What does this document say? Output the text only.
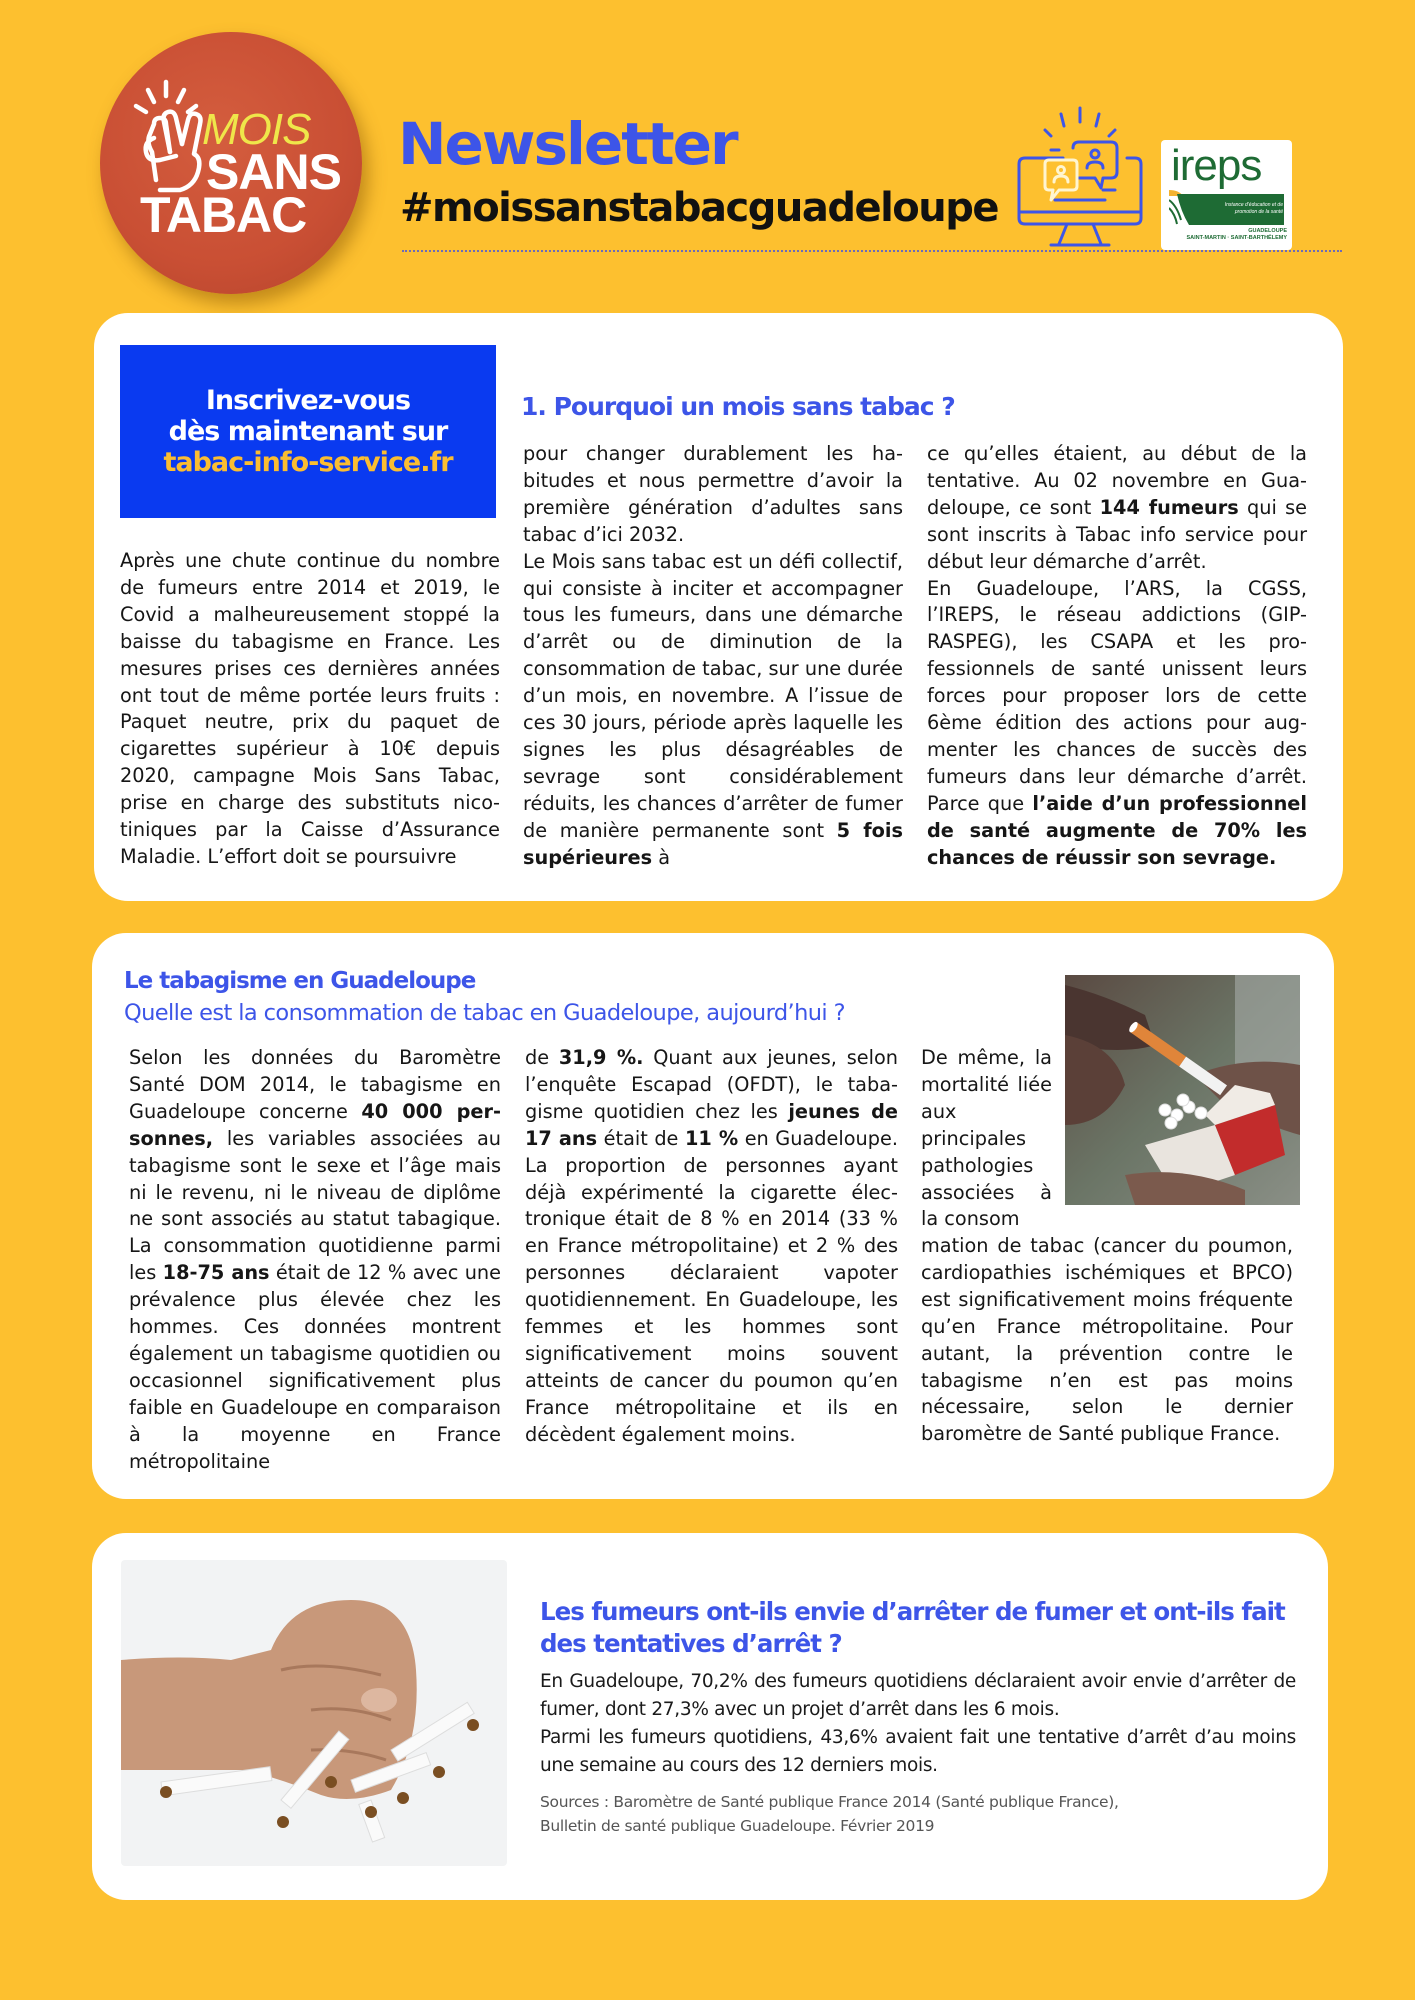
MOIS
SANS
TABAC
Newsletter
#moissanstabacguadeloupe
ireps
Instance d'éducation et de promotion de la santé
GUADELOUPE
SAINT-MARTIN · SAINT-BARTHÉLEMY
Inscrivez-vous
dès maintenant sur
tabac-info-service.fr
1. Pourquoi un mois sans tabac ?
Après une chute continue du nombre de fumeurs entre 2014 et 2019, le Covid a malheureusement stoppé la baisse du tabagisme en France. Les mesures prises ces dernières années ont tout de même portée leurs fruits : Paquet neutre, prix du paquet de cigarettes supérieur à 10€ depuis 2020, campagne Mois Sans Tabac, prise en charge des substituts nicotiniques par la Caisse d’Assurance Maladie. L’effort doit se poursuivre
pour changer durablement les habitudes et nous permettre d’avoir la première génération d’adultes sans tabac d’ici 2032.
Le Mois sans tabac est un défi collectif, qui consiste à inciter et accompagner tous les fumeurs, dans une démarche d’arrêt ou de diminution de la consommation de tabac, sur une durée d’un mois, en novembre. A l’issue de ces 30 jours, période après laquelle les signes les plus désagréables de sevrage sont considérablement réduits, les chances d’arrêter de fumer de manière permanente sont 5 fois supérieures à
ce qu’elles étaient, au début de la tentative. Au 02 novembre en Guadeloupe, ce sont 144 fumeurs qui se sont inscrits à Tabac info service pour début leur démarche d’arrêt.
En Guadeloupe, l’ARS, la CGSS, l’IREPS, le réseau addictions (GIP-RASPEG), les CSAPA et les professionnels de santé unissent leurs forces pour proposer lors de cette 6ème édition des actions pour augmenter les chances de succès des fumeurs dans leur démarche d’arrêt. Parce que l’aide d’un professionnel de santé augmente de 70% les chances de réussir son sevrage.
Le tabagisme en Guadeloupe
Quelle est la consommation de tabac en Guadeloupe, aujourd’hui ?
Selon les données du Baromètre Santé DOM 2014, le tabagisme en Guadeloupe concerne 40 000 personnes, les variables associées au tabagisme sont le sexe et l’âge mais ni le revenu, ni le niveau de diplôme ne sont associés au statut tabagique. La consommation quotidienne parmi les 18-75 ans était de 12 % avec une prévalence plus élevée chez les hommes. Ces données montrent également un tabagisme quotidien ou occasionnel significativement plus faible en Guadeloupe en comparaison à la moyenne en France métropolitaine
de 31,9 %. Quant aux jeunes, selon l’enquête Escapad (OFDT), le tabagisme quotidien chez les jeunes de 17 ans était de 11 % en Guadeloupe. La proportion de personnes ayant déjà expérimenté la cigarette électronique était de 8 % en 2014 (33 % en France métropolitaine) et 2 % des personnes déclaraient vapoter quotidiennement. En Guadeloupe, les femmes et les hommes sont significativement moins souvent atteints de cancer du poumon qu’en France métropolitaine et ils en décèdent également moins.
De même, la mortalité liée aux principales pathologies associées à la consom
mation de tabac (cancer du poumon, cardiopathies ischémiques et BPCO) est significativement moins fréquente qu’en France métropolitaine. Pour autant, la prévention contre le tabagisme n’en est pas moins nécessaire, selon le dernier baromètre de Santé publique France.
Les fumeurs ont-ils envie d’arrêter de fumer et ont-ils fait des tentatives d’arrêt ?

En Guadeloupe, 70,2% des fumeurs quotidiens déclaraient avoir envie d’arrêter de fumer, dont 27,3% avec un projet d’arrêt dans les 6 mois.

Parmi les fumeurs quotidiens, 43,6% avaient fait une tentative d’arrêt d’au moins une semaine au cours des 12 derniers mois.

Sources : Baromètre de Santé publique France 2014 (Santé publique France),
Bulletin de santé publique Guadeloupe. Février 2019
